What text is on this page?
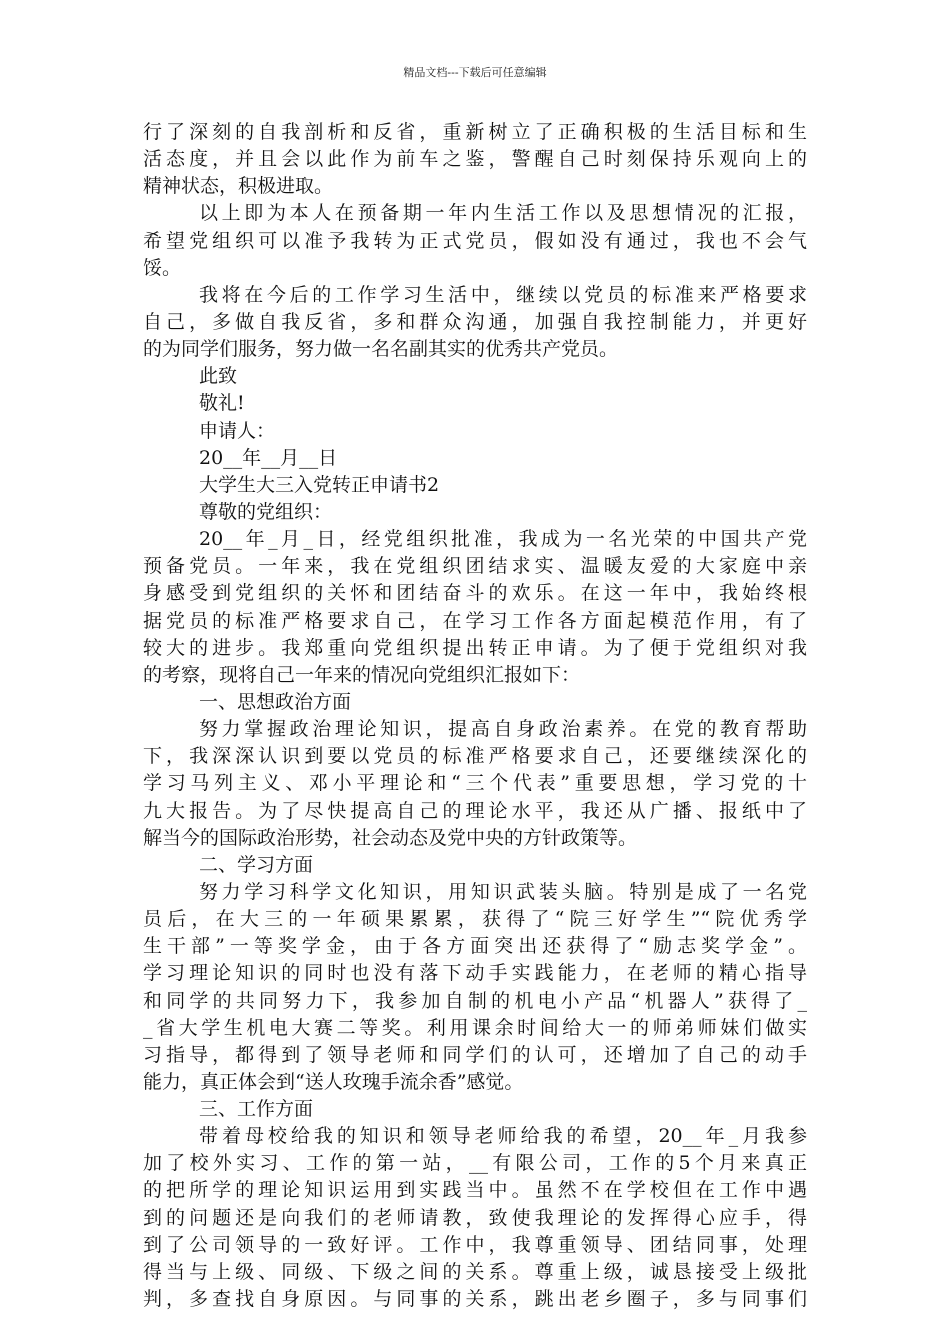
精品文档---下载后可任意编辑
行了深刻的自我剖析和反省，重新树立了正确积极的生活目标和生
活态度，并且会以此作为前车之鉴，警醒自己时刻保持乐观向上的
精神状态，积极进取。
以上即为本人在预备期一年内生活工作以及思想情况的汇报，
希望党组织可以准予我转为正式党员，假如没有通过，我也不会气
馁。
我将在今后的工作学习生活中，继续以党员的标准来严格要求
自己，多做自我反省，多和群众沟通，加强自我控制能力，并更好
的为同学们服务，努力做一名名副其实的优秀共产党员。
此致
敬礼!
申请人：
20__年__月__日
大学生大三入党转正申请书2
尊敬的党组织：
20__年_月_日，经党组织批准，我成为一名光荣的中国共产党
预备党员。一年来，我在党组织团结求实、温暖友爱的大家庭中亲
身感受到党组织的关怀和团结奋斗的欢乐。在这一年中，我始终根
据党员的标准严格要求自己，在学习工作各方面起模范作用，有了
较大的进步。我郑重向党组织提出转正申请。为了便于党组织对我
的考察，现将自己一年来的情况向党组织汇报如下：
一、思想政治方面
努力掌握政治理论知识，提高自身政治素养。在党的教育帮助
下，我深深认识到要以党员的标准严格要求自己，还要继续深化的
学习马列主义、邓小平理论和“三个代表”重要思想，学习党的十
九大报告。为了尽快提高自己的理论水平，我还从广播、报纸中了
解当今的国际政治形势，社会动态及党中央的方针政策等。
二、学习方面
努力学习科学文化知识，用知识武装头脑。特别是成了一名党
员后，在大三的一年硕果累累，获得了“院三好学生”“院优秀学
生干部”一等奖学金，由于各方面突出还获得了“励志奖学金”。
学习理论知识的同时也没有落下动手实践能力，在老师的精心指导
和同学的共同努力下，我参加自制的机电小产品“机器人”获得了_
_省大学生机电大赛二等奖。利用课余时间给大一的师弟师妹们做实
习指导，都得到了领导老师和同学们的认可，还增加了自己的动手
能力，真正体会到“送人玫瑰手流余香”感觉。
三、工作方面
带着母校给我的知识和领导老师给我的希望，20__年_月我参
加了校外实习、工作的第一站，__有限公司，工作的5个月来真正
的把所学的理论知识运用到实践当中。虽然不在学校但在工作中遇
到的问题还是向我们的老师请教，致使我理论的发挥得心应手，得
到了公司领导的一致好评。工作中，我尊重领导、团结同事，处理
得当与上级、同级、下级之间的关系。尊重上级，诚恳接受上级批
判，多查找自身原因。与同事的关系，跳出老乡圈子，多与同事们
